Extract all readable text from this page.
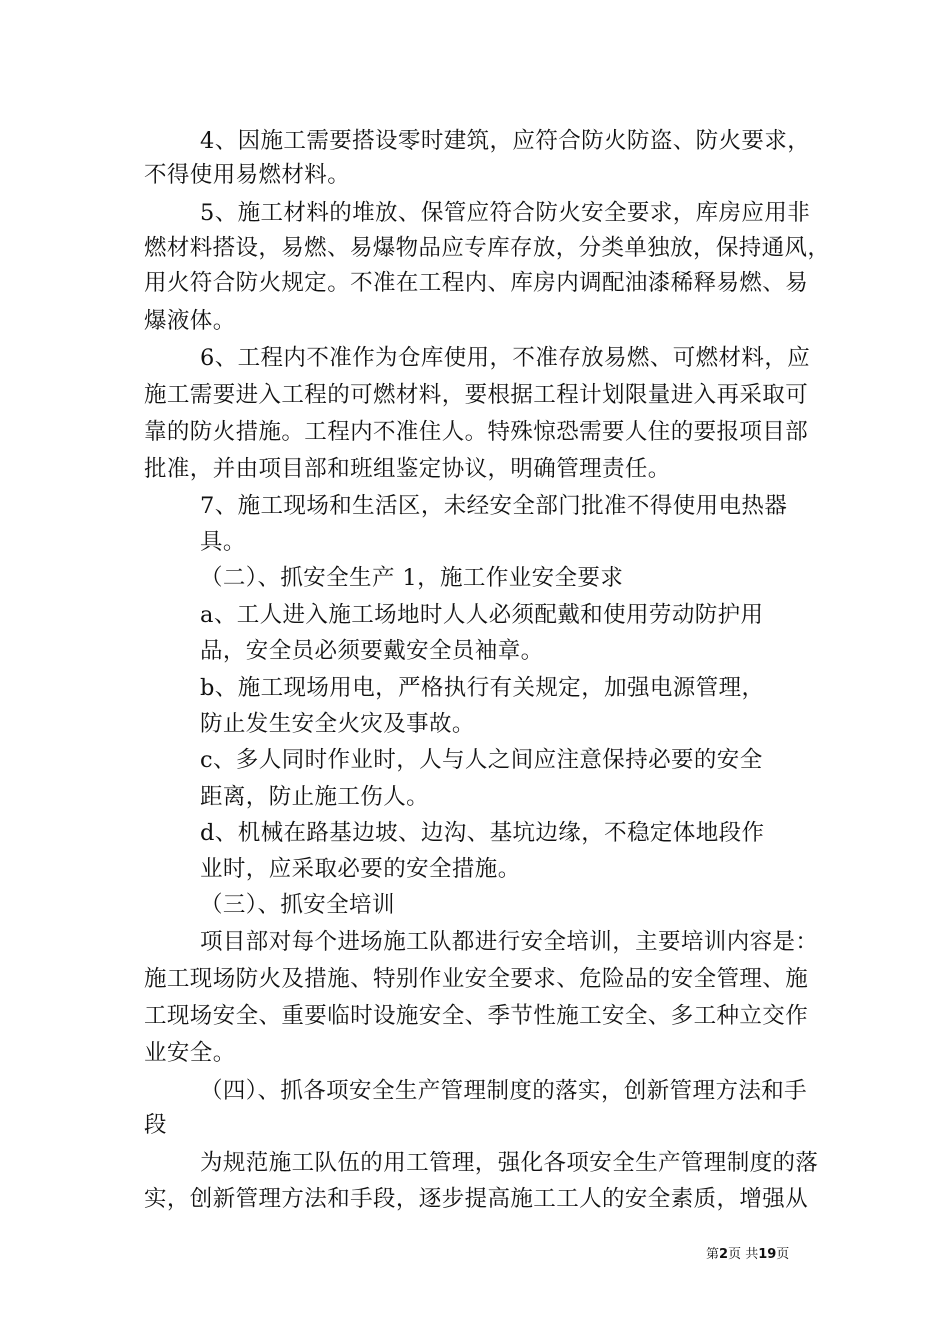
4、因施工需要搭设零时建筑，应符合防火防盗、防火要求，

不得使用易燃材料。

5、施工材料的堆放、保管应符合防火安全要求，库房应用非

燃材料搭设，易燃、易爆物品应专库存放，分类单独放，保持通风，

用火符合防火规定。不准在工程内、库房内调配油漆稀释易燃、易

爆液体。

6、工程内不准作为仓库使用，不准存放易燃、可燃材料，应

施工需要进入工程的可燃材料，要根据工程计划限量进入再采取可

靠的防火措施。工程内不准住人。特殊惊恐需要人住的要报项目部

批准，并由项目部和班组鉴定协议，明确管理责任。

7、施工现场和生活区，未经安全部门批准不得使用电热器

具。

（二）、抓安全生产 1，施工作业安全要求

a、工人进入施工场地时人人必须配戴和使用劳动防护用

品，安全员必须要戴安全员袖章。

b、施工现场用电，严格执行有关规定，加强电源管理，

防止发生安全火灾及事故。

c、多人同时作业时，人与人之间应注意保持必要的安全

距离，防止施工伤人。

d、机械在路基边坡、边沟、基坑边缘，不稳定体地段作

业时，应采取必要的安全措施。

（三）、抓安全培训

项目部对每个进场施工队都进行安全培训，主要培训内容是：

施工现场防火及措施、特别作业安全要求、危险品的安全管理、施

工现场安全、重要临时设施安全、季节性施工安全、多工种立交作

业安全。

（四）、抓各项安全生产管理制度的落实，创新管理方法和手

段

为规范施工队伍的用工管理，强化各项安全生产管理制度的落

实，创新管理方法和手段，逐步提高施工工人的安全素质，增强从

第2页 共19页
